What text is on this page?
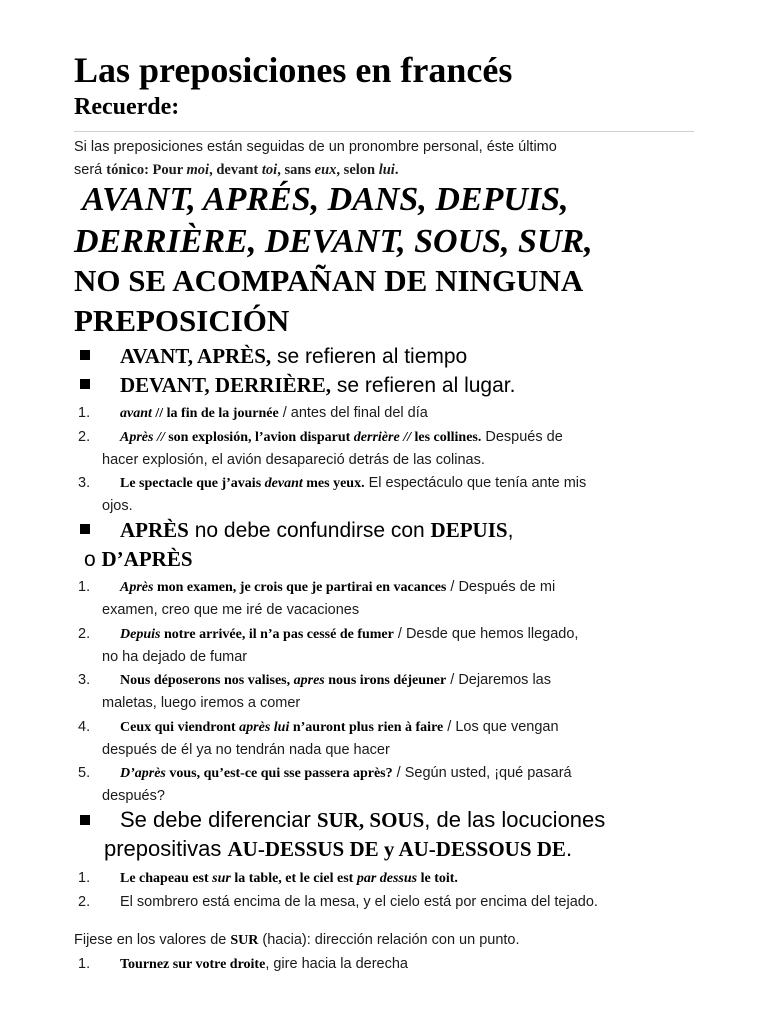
Las preposiciones en francés
Recuerde:
Si las preposiciones están seguidas de un pronombre personal, éste último
será tónico: Pour moi, devant toi, sans eux, selon lui.
AVANT, APRÉS, DANS, DEPUIS,
DERRIÈRE, DEVANT, SOUS, SUR,
NO SE ACOMPAÑAN DE NINGUNA
PREPOSICIÓN
AVANT, APRÈS, se refieren al tiempo
DEVANT, DERRIÈRE, se refieren al lugar.
1. avant // la fin de la journée / antes del final del día
2. Après // son explosión, l’avion disparut derrière // les collines. Después de
hacer explosión, el avión desapareció detrás de las colinas.
3. Le spectacle que j’avais devant mes yeux. El espectáculo que tenía ante mis
ojos.
APRÈS no debe confundirse con DEPUIS,
o D’APRÈS
1. Après mon examen, je crois que je partirai en vacances / Después de mi
examen, creo que me iré de vacaciones
2. Depuis notre arrivée, il n’a pas cessé de fumer / Desde que hemos llegado,
no ha dejado de fumar
3. Nous déposerons nos valises, apres nous irons déjeuner / Dejaremos las
maletas, luego iremos a comer
4. Ceux qui viendront après lui n’auront plus rien à faire / Los que vengan
después de él ya no tendrán nada que hacer
5. D’après vous, qu’est-ce qui sse passera après? / Según usted, ¡qué pasará
después?
Se debe diferenciar SUR, SOUS, de las locuciones
prepositivas AU-DESSUS DE y AU-DESSOUS DE.
1. Le chapeau est sur la table, et le ciel est par dessus le toit.
2. El sombrero está encima de la mesa, y el cielo está por encima del tejado.
Fijese en los valores de SUR (hacia): dirección relación con un punto.
1. Tournez sur votre droite, gire hacia la derecha
